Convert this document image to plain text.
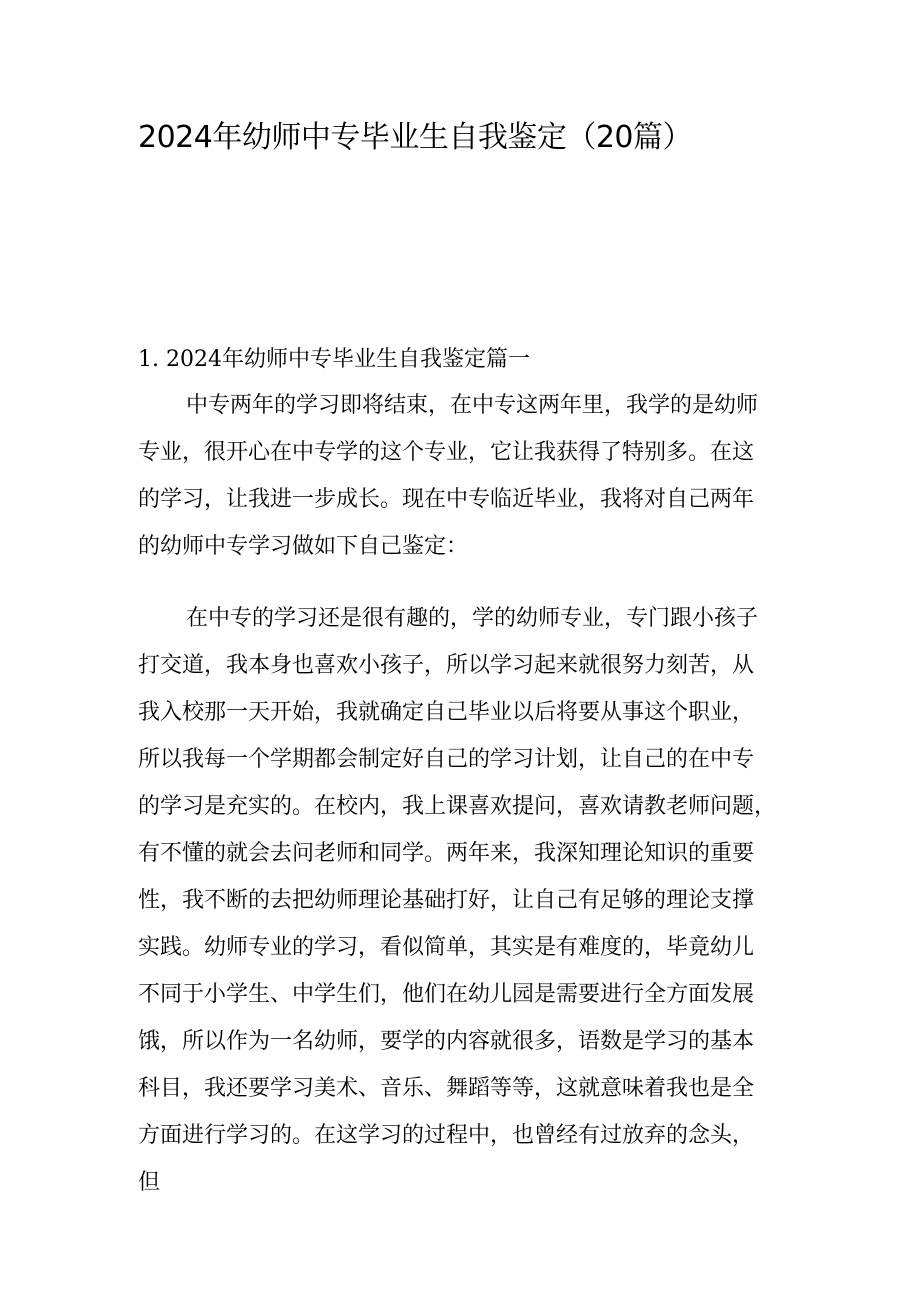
2024年幼师中专毕业生自我鉴定（20篇）
1. 2024年幼师中专毕业生自我鉴定篇一
中专两年的学习即将结束，在中专这两年里，我学的是幼师
专业，很开心在中专学的这个专业，它让我获得了特别多。在这
的学习，让我进一步成长。现在中专临近毕业，我将对自己两年
的幼师中专学习做如下自己鉴定：
在中专的学习还是很有趣的，学的幼师专业，专门跟小孩子
打交道，我本身也喜欢小孩子，所以学习起来就很努力刻苦，从
我入校那一天开始，我就确定自己毕业以后将要从事这个职业，
所以我每一个学期都会制定好自己的学习计划，让自己的在中专
的学习是充实的。在校内，我上课喜欢提问，喜欢请教老师问题，
有不懂的就会去问老师和同学。两年来，我深知理论知识的重要
性，我不断的去把幼师理论基础打好，让自己有足够的理论支撑
实践。幼师专业的学习，看似简单，其实是有难度的，毕竟幼儿
不同于小学生、中学生们，他们在幼儿园是需要进行全方面发展
饿，所以作为一名幼师，要学的内容就很多，语数是学习的基本
科目，我还要学习美术、音乐、舞蹈等等，这就意味着我也是全
方面进行学习的。在这学习的过程中，也曾经有过放弃的念头，
但
